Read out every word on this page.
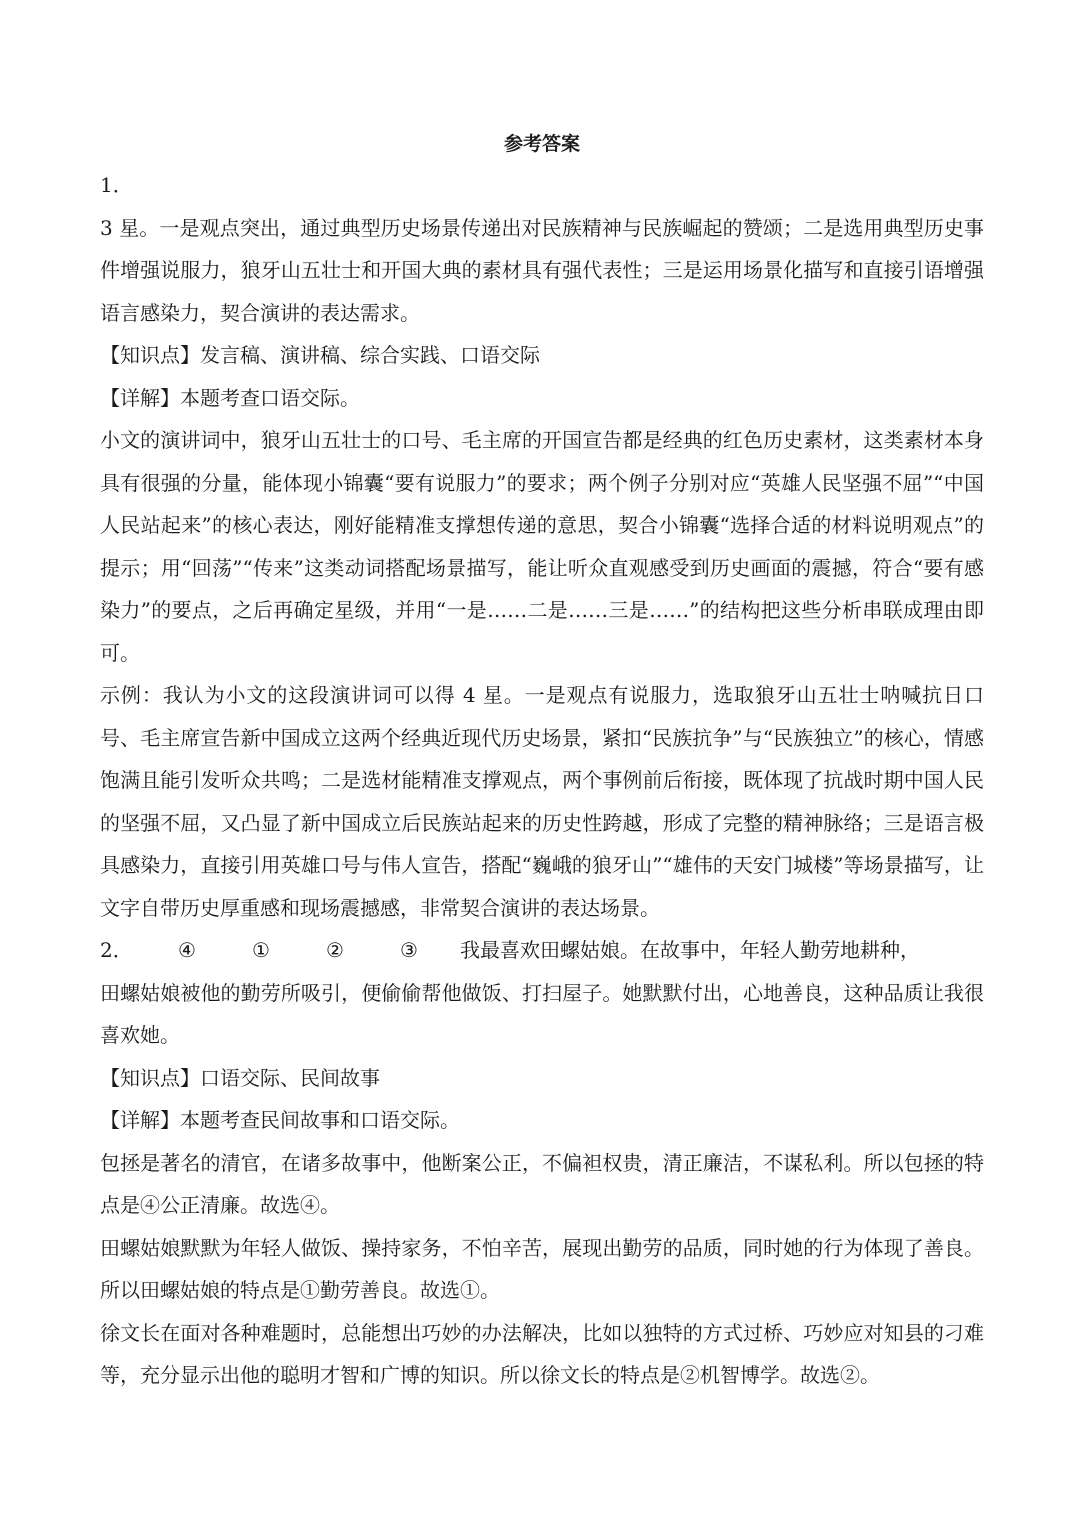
参考答案

1．

3 星。一是观点突出，通过典型历史场景传递出对民族精神与民族崛起的赞颂；二是选用典型历史事件增强说服力，狼牙山五壮士和开国大典的素材具有强代表性；三是运用场景化描写和直接引语增强语言感染力，契合演讲的表达需求。

【知识点】发言稿、演讲稿、综合实践、口语交际

【详解】本题考查口语交际。

小文的演讲词中，狼牙山五壮士的口号、毛主席的开国宣告都是经典的红色历史素材，这类素材本身具有很强的分量，能体现小锦囊“要有说服力”的要求；两个例子分别对应“英雄人民坚强不屈”“中国人民站起来”的核心表达，刚好能精准支撑想传递的意思，契合小锦囊“选择合适的材料说明观点”的提示；用“回荡”“传来”这类动词搭配场景描写，能让听众直观感受到历史画面的震撼，符合“要有感染力”的要点，之后再确定星级，并用“一是……二是……三是……”的结构把这些分析串联成理由即可。

示例：我认为小文的这段演讲词可以得 4 星。一是观点有说服力，选取狼牙山五壮士呐喊抗日口号、毛主席宣告新中国成立这两个经典近现代历史场景，紧扣“民族抗争”与“民族独立”的核心，情感饱满且能引发听众共鸣；二是选材能精准支撑观点，两个事例前后衔接，既体现了抗战时期中国人民的坚强不屈，又凸显了新中国成立后民族站起来的历史性跨越，形成了完整的精神脉络；三是语言极具感染力，直接引用英雄口号与伟人宣告，搭配“巍峨的狼牙山”“雄伟的天安门城楼”等场景描写，让文字自带历史厚重感和现场震撼感，非常契合演讲的表达场景。

2． ④	①	②	③ 我最喜欢田螺姑娘。在故事中，年轻人勤劳地耕种，

田螺姑娘被他的勤劳所吸引，便偷偷帮他做饭、打扫屋子。她默默付出，心地善良，这种品质让我很喜欢她。

【知识点】口语交际、民间故事

【详解】本题考查民间故事和口语交际。

包拯是著名的清官，在诸多故事中，他断案公正，不偏袒权贵，清正廉洁，不谋私利。所以包拯的特点是④公正清廉。故选④。

田螺姑娘默默为年轻人做饭、操持家务，不怕辛苦，展现出勤劳的品质，同时她的行为体现了善良。所以田螺姑娘的特点是①勤劳善良。故选①。

徐文长在面对各种难题时，总能想出巧妙的办法解决，比如以独特的方式过桥、巧妙应对知县的刁难等，充分显示出他的聪明才智和广博的知识。所以徐文长的特点是②机智博学。故选②。
